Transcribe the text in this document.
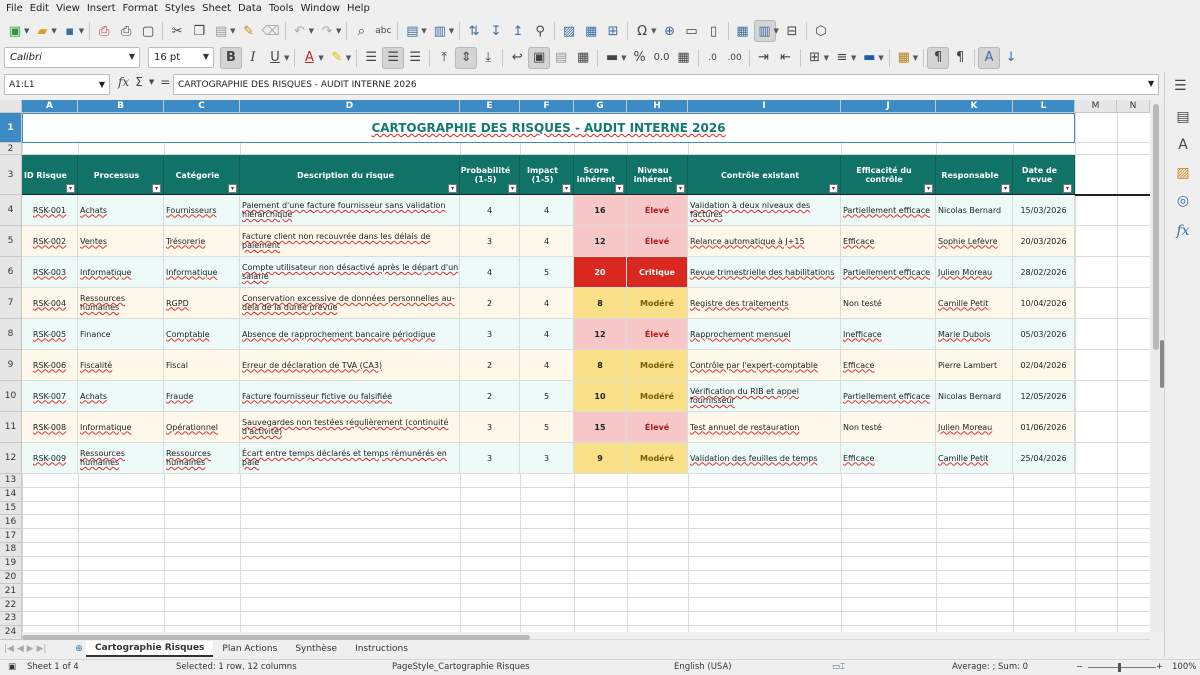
File Edit View Insert Format Styles Sheet Data Tools Window Help
▣ ▼ ▰ ▼ ▪ ▼	⎙ ⎙ ▢	✂ ❐ ▤ ▼ ✎ ⌫	↶ ▼ ↷ ▼	⌕	abc	▤ ▼ ▥ ▼	⇅ ↧ ↥ ⚲	▨ ▦ ⊞	Ω ▼ ⊕ ▭ ▯	▦ ▥ ▼ ⊟	⬡
Calibri	▼ 16 pt	▼	B	I	U ▼	A ▼ ✎ ▼	☰ ☰ ☰	⤒	⇕	⤓	↩ ▣ ▤ ▦	▬ ▼ % 0.0 ▦	.0	.00	⇥ ⇤	⊞ ▼ ≡ ▼ ▬ ▼	▦ ▼	¶	¶	A ↓
A1:L1	▼ fx Σ ▼ = CARTOGRAPHIE DES RISQUES - AUDIT INTERNE 2026	▼ ☰
▤
A
▨
◎
fx
A	B	C	D	E	F	G	H	I	J	K	L	M	N
1
2
3
4
5
6
7
8
9
10
11
12
13
14
15
16
17
18
19
20
21
22
23
24
CARTOGRAPHIE DES RISQUES - AUDIT INTERNE 2026
ID Risque
▾
Processus
▾
Catégorie
▾
Description du risque
▾
Probabilité (1-5)
▾
Impact (1-5)
▾
Score inhérent
▾
Niveau inhérent
▾
Contrôle existant
▾
Efficacité du contrôle
▾
Responsable
▾
Date de revue
▾
RSK-001 Achats	Fournisseurs	Paiement d'une facture fournisseur sans validation hiérarchique	4	4	16	Élevé	Validation à deux niveaux des factures	Partiellement efficace Nicolas Bernard 15/03/2026
RSK-002 Ventes	Trésorerie	Facture client non recouvrée dans les délais de paiement	3	4	12	Élevé	Relance automatique à J+15	Efficace	Sophie Lefèvre	20/03/2026
RSK-003 Informatique	Informatique	Compte utilisateur non désactivé après le départ d'un salarié	4	5	20	Critique Revue trimestrielle des habilitations Partiellement efficace Julien Moreau	28/02/2026
RSK-004 Ressources humaines	RGPD	Conservation excessive de données personnelles au-delà de la durée prévue	2	4	8	Modéré Registre des traitements	Non testé	Camille Petit	10/04/2026
RSK-005 Finance	Comptable	Absence de rapprochement bancaire périodique	3	4	12	Élevé	Rapprochement mensuel	Inefficace	Marie Dubois	05/03/2026
RSK-006 Fiscalité	Fiscal	Erreur de déclaration de TVA (CA3)	2	4	8	Modéré Contrôle par l'expert-comptable	Efficace	Pierre Lambert	02/04/2026
RSK-007 Achats	Fraude	Facture fournisseur fictive ou falsifiée	2	5	10	Modéré Vérification du RIB et appel fournisseur	Partiellement efficace Nicolas Bernard 12/05/2026
RSK-008 Informatique	Opérationnel	Sauvegardes non testées régulièrement (continuité d'activité)	3	5	15	Élevé	Test annuel de restauration	Non testé	Julien Moreau	01/06/2026
RSK-009 Ressources humaines
Ressources humaines
Écart entre temps déclarés et temps rémunérés en paie	3	3	9	Modéré Validation des feuilles de temps	Efficace	Camille Petit	25/04/2026
|◀
◀
▶
▶|	⊕	Cartographie Risques	Plan Actions	Synthèse	Instructions
▣ Sheet 1 of 4	Selected: 1 row, 12 columns	PageStyle_Cartographie Risques	English (USA)	▭⌶	Average: ; Sum: 0	−	+ 100%
